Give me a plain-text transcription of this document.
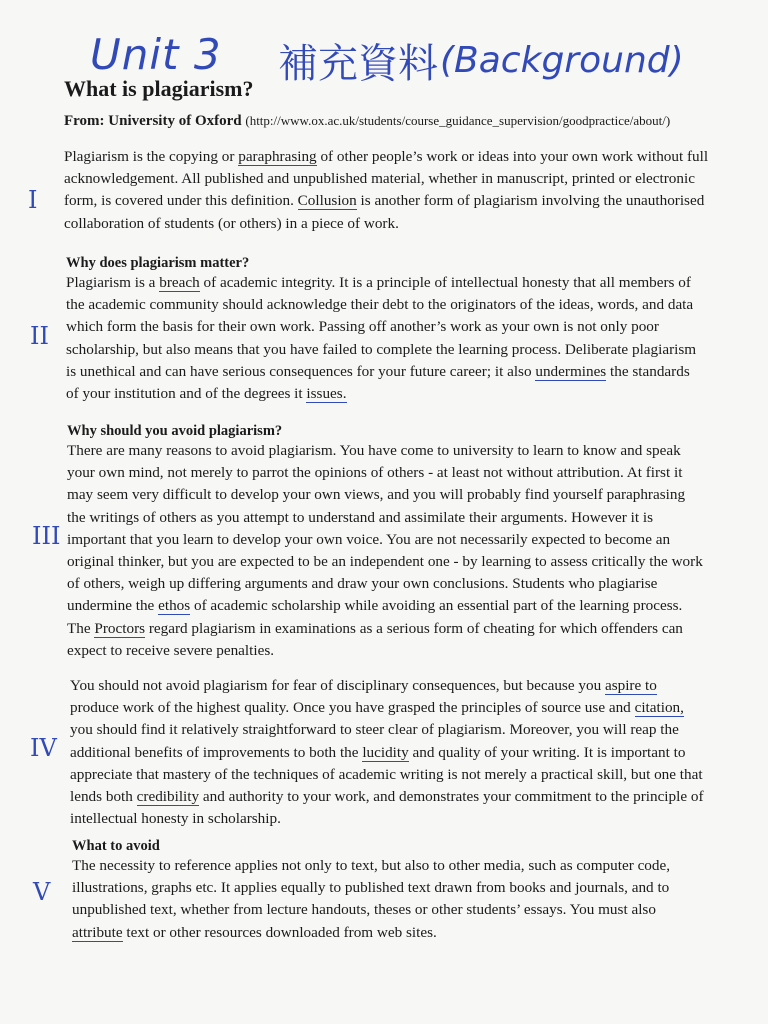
Unit 3 補充資料 (Background)
What is plagiarism?
From: University of Oxford (http://www.ox.ac.uk/students/course_guidance_supervision/goodpractice/about/)
I

Plagiarism is the copying or paraphrasing of other people’s work or ideas into your own work without full acknowledgement. All published and unpublished material, whether in manuscript, printed or electronic form, is covered under this definition. Collusion is another form of plagiarism involving the unauthorised collaboration of students (or others) in a piece of work.

Why does plagiarism matter?
II

Plagiarism is a breach of academic integrity. It is a principle of intellectual honesty that all members of the academic community should acknowledge their debt to the originators of the ideas, words, and data which form the basis for their own work. Passing off another’s work as your own is not only poor scholarship, but also means that you have failed to complete the learning process. Deliberate plagiarism is unethical and can have serious consequences for your future career; it also undermines the standards of your institution and of the degrees it issues.

Why should you avoid plagiarism?
III

There are many reasons to avoid plagiarism. You have come to university to learn to know and speak your own mind, not merely to parrot the opinions of others - at least not without attribution. At first it may seem very difficult to develop your own views, and you will probably find yourself paraphrasing the writings of others as you attempt to understand and assimilate their arguments. However it is important that you learn to develop your own voice. You are not necessarily expected to become an original thinker, but you are expected to be an independent one - by learning to assess critically the work of others, weigh up differing arguments and draw your own conclusions. Students who plagiarise undermine the ethos of academic scholarship while avoiding an essential part of the learning process. The Proctors regard plagiarism in examinations as a serious form of cheating for which offenders can expect to receive severe penalties.

IV

You should not avoid plagiarism for fear of disciplinary consequences, but because you aspire to produce work of the highest quality. Once you have grasped the principles of source use and citation, you should find it relatively straightforward to steer clear of plagiarism. Moreover, you will reap the additional benefits of improvements to both the lucidity and quality of your writing. It is important to appreciate that mastery of the techniques of academic writing is not merely a practical skill, but one that lends both credibility and authority to your work, and demonstrates your commitment to the principle of intellectual honesty in scholarship.

What to avoid
V

The necessity to reference applies not only to text, but also to other media, such as computer code, illustrations, graphs etc. It applies equally to published text drawn from books and journals, and to unpublished text, whether from lecture handouts, theses or other students’ essays. You must also attribute text or other resources downloaded from web sites.
